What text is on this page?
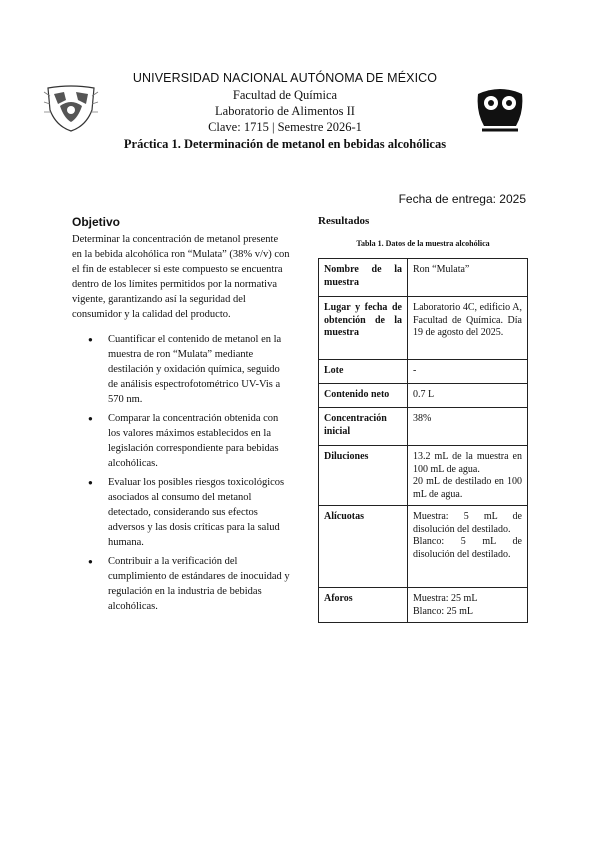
UNIVERSIDAD NACIONAL AUTÓNOMA DE MÉXICO
Facultad de Química
Laboratorio de Alimentos II
Clave: 1715 | Semestre 2026-1
Práctica 1. Determinación de metanol en bebidas alcohólicas
Fecha de entrega: 2025
Objetivo
Determinar la concentración de metanol presente en la bebida alcohólica ron “Mulata” (38% v/v) con el fin de establecer si este compuesto se encuentra dentro de los límites permitidos por la normativa vigente, garantizando así la seguridad del consumidor y la calidad del producto.
● Cuantificar el contenido de metanol en la muestra de ron “Mulata” mediante destilación y oxidación química, seguido de análisis espectrofotométrico UV-Vis a 570 nm.
● Comparar la concentración obtenida con los valores máximos establecidos en la legislación correspondiente para bebidas alcohólicas.
● Evaluar los posibles riesgos toxicológicos asociados al consumo del metanol detectado, considerando sus efectos adversos y las dosis críticas para la salud humana.
● Contribuir a la verificación del cumplimiento de estándares de inocuidad y regulación en la industria de bebidas alcohólicas.
Resultados
Tabla 1. Datos de la muestra alcohólica
Nombre de la muestra	Ron “Mulata”

Lugar y fecha de obtención de la muestra	Laboratorio 4C, edificio A, Facultad de Química. Día 19 de agosto del 2025.

Lote	-

Contenido neto	0.7 L

Concentración inicial	38%

Diluciones	13.2 mL de la muestra en 100 mL de agua.
20 mL de destilado en 100 mL de agua.

Alícuotas	Muestra: 5 mL de disolución del destilado.
Blanco: 5 mL de disolución del destilado.

Aforos	Muestra: 25 mL
Blanco: 25 mL
